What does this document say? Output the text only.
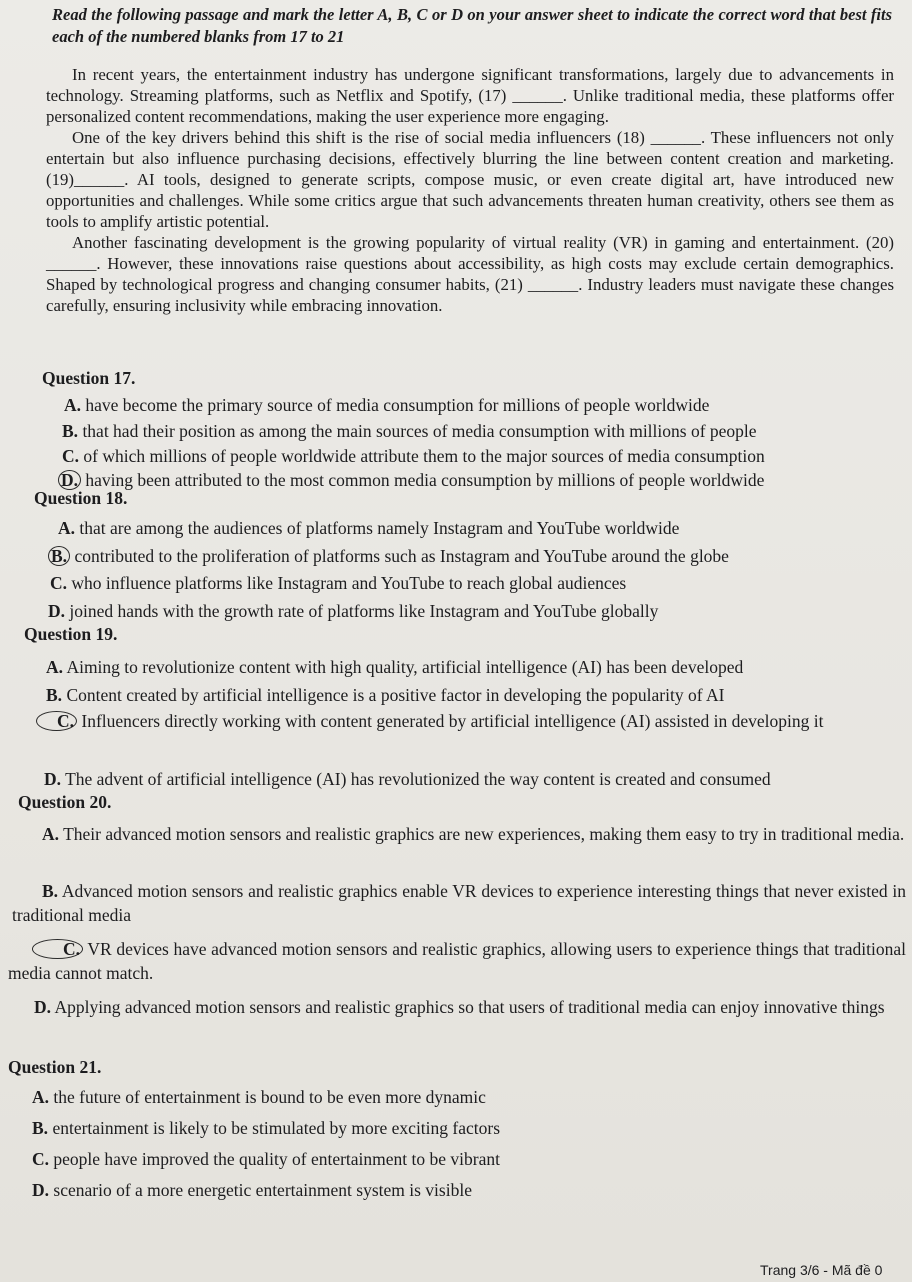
Read the following passage and mark the letter A, B, C or D on your answer sheet to indicate the correct word that best fits each of the numbered blanks from 17 to 21

In recent years, the entertainment industry has undergone significant transformations, largely due to advancements in technology. Streaming platforms, such as Netflix and Spotify, (17) ______. Unlike traditional media, these platforms offer personalized content recommendations, making the user experience more engaging.

One of the key drivers behind this shift is the rise of social media influencers (18) ______. These influencers not only entertain but also influence purchasing decisions, effectively blurring the line between content creation and marketing. (19)______. AI tools, designed to generate scripts, compose music, or even create digital art, have introduced new opportunities and challenges. While some critics argue that such advancements threaten human creativity, others see them as tools to amplify artistic potential.

Another fascinating development is the growing popularity of virtual reality (VR) in gaming and entertainment. (20) ______. However, these innovations raise questions about accessibility, as high costs may exclude certain demographics. Shaped by technological progress and changing consumer habits, (21) ______. Industry leaders must navigate these changes carefully, ensuring inclusivity while embracing innovation.

Question 17.
A. have become the primary source of media consumption for millions of people worldwide
B. that had their position as among the main sources of media consumption with millions of people
C. of which millions of people worldwide attribute them to the major sources of media consumption
D. having been attributed to the most common media consumption by millions of people worldwide
Question 18.
A. that are among the audiences of platforms namely Instagram and YouTube worldwide
B. contributed to the proliferation of platforms such as Instagram and YouTube around the globe
C. who influence platforms like Instagram and YouTube to reach global audiences
D. joined hands with the growth rate of platforms like Instagram and YouTube globally
Question 19.
A. Aiming to revolutionize content with high quality, artificial intelligence (AI) has been developed
B. Content created by artificial intelligence is a positive factor in developing the popularity of AI
C. Influencers directly working with content generated by artificial intelligence (AI) assisted in developing it
D. The advent of artificial intelligence (AI) has revolutionized the way content is created and consumed
Question 20.
A. Their advanced motion sensors and realistic graphics are new experiences, making them easy to try in traditional media.
B. Advanced motion sensors and realistic graphics enable VR devices to experience interesting things that never existed in traditional media
C. VR devices have advanced motion sensors and realistic graphics, allowing users to experience things that traditional media cannot match.
D. Applying advanced motion sensors and realistic graphics so that users of traditional media can enjoy innovative things
Question 21.
A. the future of entertainment is bound to be even more dynamic
B. entertainment is likely to be stimulated by more exciting factors
C. people have improved the quality of entertainment to be vibrant
D. scenario of a more energetic entertainment system is visible
Trang 3/6 - Mã đề 0
